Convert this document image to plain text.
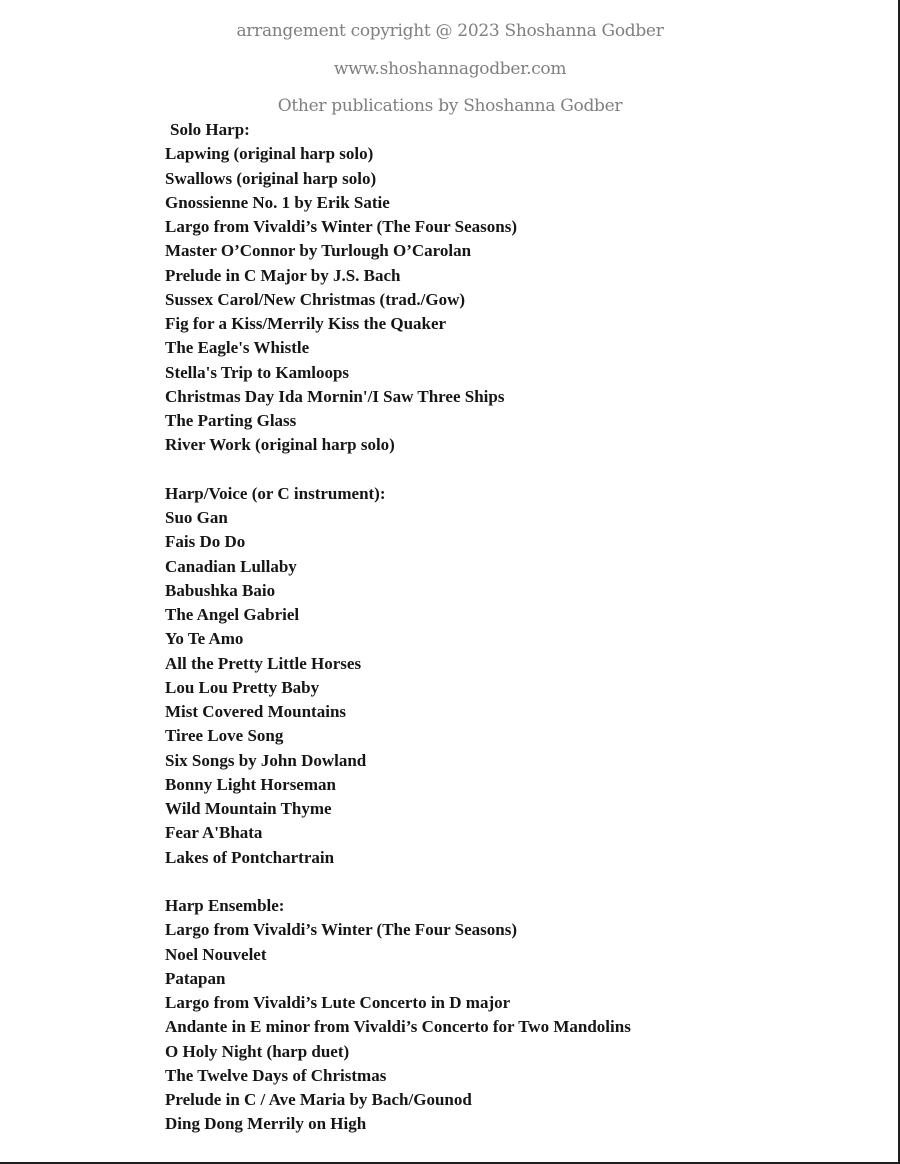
arrangement copyright @ 2023 Shoshanna Godber
www.shoshannagodber.com
Other publications by Shoshanna Godber
Solo Harp:
Lapwing (original harp solo)
Swallows (original harp solo)
Gnossienne No. 1 by Erik Satie
Largo from Vivaldi’s Winter (The Four Seasons)
Master O’Connor by Turlough O’Carolan
Prelude in C Major by J.S. Bach
Sussex Carol/New Christmas (trad./Gow)
Fig for a Kiss/Merrily Kiss the Quaker
The Eagle's Whistle
Stella's Trip to Kamloops
Christmas Day Ida Mornin'/I Saw Three Ships
The Parting Glass
River Work (original harp solo)
Harp/Voice (or C instrument):
Suo Gan
Fais Do Do
Canadian Lullaby
Babushka Baio
The Angel Gabriel
Yo Te Amo
All the Pretty Little Horses
Lou Lou Pretty Baby
Mist Covered Mountains
Tiree Love Song
Six Songs by John Dowland
Bonny Light Horseman
Wild Mountain Thyme
Fear A'Bhata
Lakes of Pontchartrain
Harp Ensemble:
Largo from Vivaldi’s Winter (The Four Seasons)
Noel Nouvelet
Patapan
Largo from Vivaldi’s Lute Concerto in D major
Andante in E minor from Vivaldi’s Concerto for Two Mandolins
O Holy Night (harp duet)
The Twelve Days of Christmas
Prelude in C / Ave Maria by Bach/Gounod
Ding Dong Merrily on High
